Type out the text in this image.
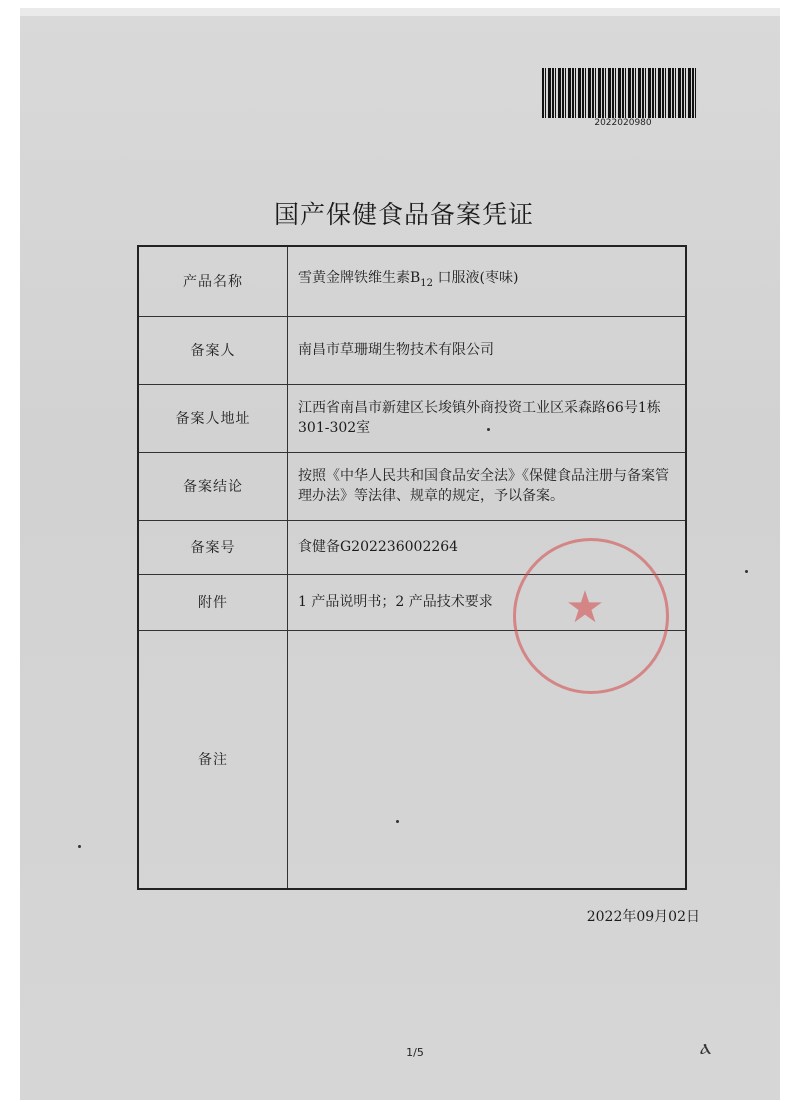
2022020980
国产保健食品备案凭证
产品名称	雪黄金牌铁维生素$B_{12}$ 口服液(枣味)
备案人	南昌市草珊瑚生物技术有限公司
备案人地址	江西省南昌市新建区长埈镇外商投资工业区采森路66号1栋301-302室
备案结论	按照《中华人民共和国食品安全法》《保健食品注册与备案管理办法》等法律、规章的规定，予以备案。
备案号	食健备G202236002264
附件	1 产品说明书；2 产品技术要求
备注	
★
2022年09月02日
1/5	ⲁ
